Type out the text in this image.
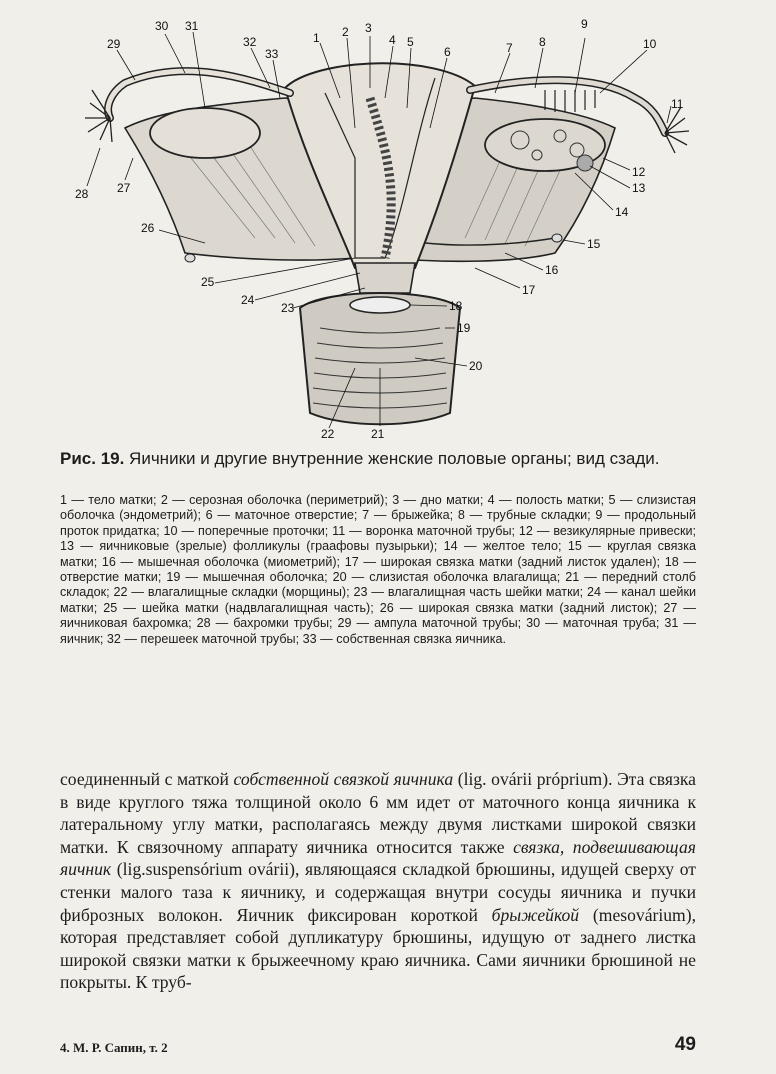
1 2 3
4 5
6	7 8
9
10
11
12
13
14
15
16
17
18
19
20
21
22
23
24
25
26
27
28
29
30 31
32
33
Рис. 19. Яичники и другие внутренние женские половые органы; вид сзади.
1 — тело матки; 2 — серозная оболочка (периметрий); 3 — дно матки; 4 — полость матки; 5 — слизистая оболочка (эндометрий); 6 — маточное отверстие; 7 — брыжейка; 8 — трубные складки; 9 — продольный проток придатка; 10 — поперечные проточки; 11 — воронка маточной трубы; 12 — везикулярные привески; 13 — яичниковые (зрелые) фолликулы (граафовы пузырьки); 14 — желтое тело; 15 — круглая связка матки; 16 — мышечная оболочка (миометрий); 17 — широкая связка матки (задний листок удален); 18 — отверстие матки; 19 — мышечная оболочка; 20 — слизистая оболочка влагалища; 21 — передний столб складок; 22 — влагалищные складки (морщины); 23 — влагалищная часть шейки матки; 24 — канал шейки матки; 25 — шейка матки (надвлагалищная часть); 26 — широкая связка матки (задний листок); 27 — яичниковая бахромка; 28 — бахромки трубы; 29 — ампула маточной трубы; 30 — маточная труба; 31 — яичник; 32 — перешеек маточной трубы; 33 — собственная связка яичника.
соединенный с маткой собственной связкой яичника (lig. ovárii próprium). Эта связка в виде круглого тяжа толщиной около 6 мм идет от маточного конца яичника к латеральному углу матки, располагаясь между двумя листками широкой связки матки. К связочному аппарату яичника относится также связка, подвешивающая яичник (lig.suspensórium ovárii), являющаяся складкой брюшины, идущей сверху от стенки малого таза к яичнику, и содержащая внутри сосуды яичника и пучки фиброзных волокон. Яичник фиксирован короткой брыжейкой (mesovárium), которая представляет собой дупликатуру брюшины, идущую от заднего листка широкой связки матки к брыжеечному краю яичника. Сами яичники брюшиной не покрыты. К труб-
4. М. Р. Сапин, т. 2	49
